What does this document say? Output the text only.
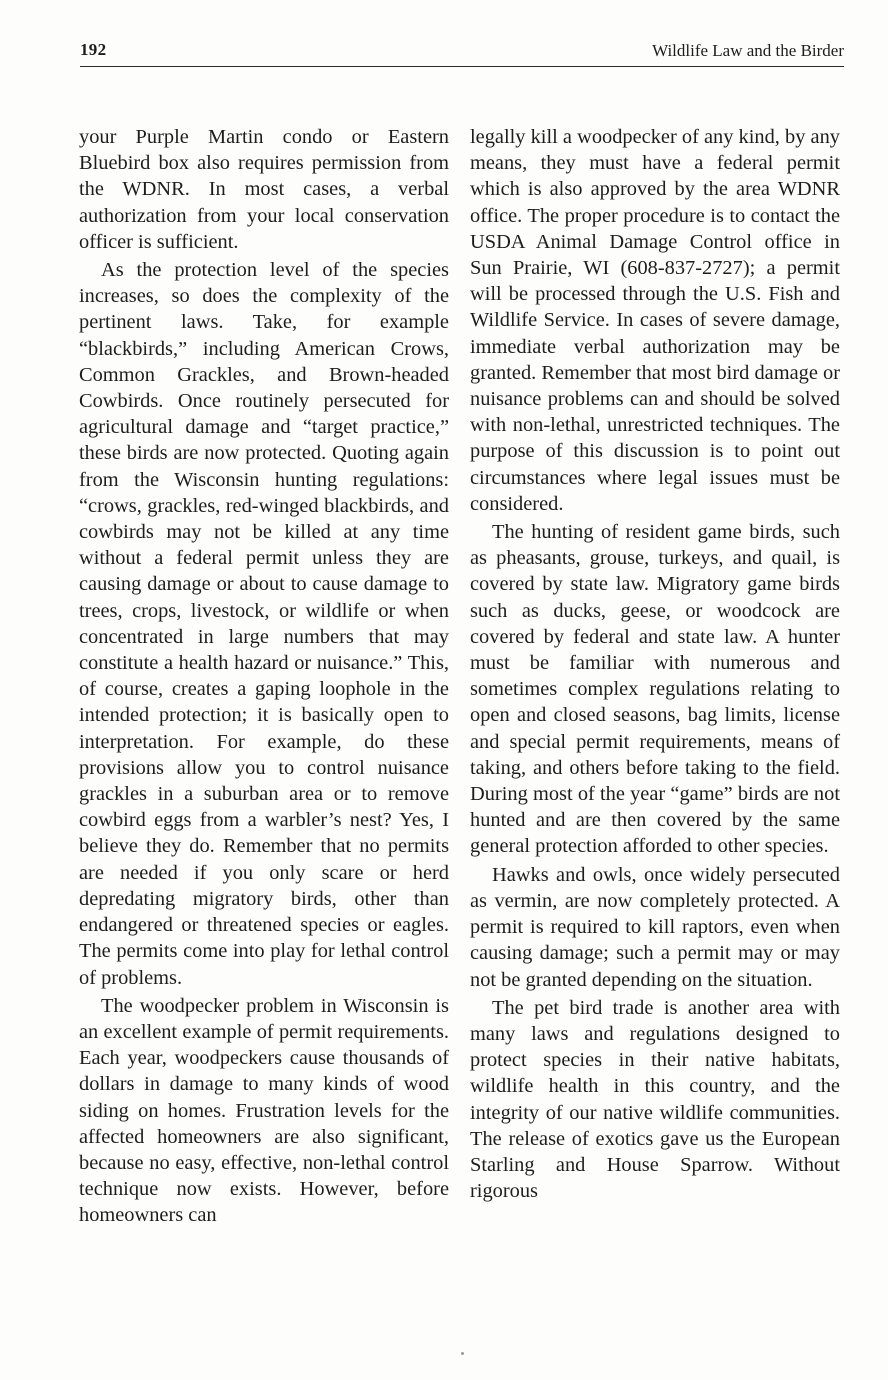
192	Wildlife Law and the Birder

your Purple Martin condo or Eastern Bluebird box also requires permission from the WDNR. In most cases, a verbal authorization from your local conservation officer is sufficient.

As the protection level of the species increases, so does the complexity of the pertinent laws. Take, for example “blackbirds,” including American Crows, Common Grackles, and Brown-headed Cowbirds. Once routinely persecuted for agricultural damage and “target practice,” these birds are now protected. Quoting again from the Wisconsin hunting regulations: “crows, grackles, red-winged blackbirds, and cowbirds may not be killed at any time without a federal permit unless they are causing damage or about to cause damage to trees, crops, livestock, or wildlife or when concentrated in large numbers that may constitute a health hazard or nuisance.” This, of course, creates a gaping loophole in the intended protection; it is basically open to interpretation. For example, do these provisions allow you to control nuisance grackles in a suburban area or to remove cowbird eggs from a warbler’s nest? Yes, I believe they do. Remember that no permits are needed if you only scare or herd depredating migratory birds, other than endangered or threatened species or eagles. The permits come into play for lethal control of problems.

The woodpecker problem in Wisconsin is an excellent example of permit requirements. Each year, woodpeckers cause thousands of dollars in damage to many kinds of wood siding on homes. Frustration levels for the affected homeowners are also significant, because no easy, effective, non-lethal control technique now exists. However, before homeowners can

legally kill a woodpecker of any kind, by any means, they must have a federal permit which is also approved by the area WDNR office. The proper procedure is to contact the USDA Animal Damage Control office in Sun Prairie, WI (608-837-2727); a permit will be processed through the U.S. Fish and Wildlife Service. In cases of severe damage, immediate verbal authorization may be granted. Remember that most bird damage or nuisance problems can and should be solved with non-lethal, unrestricted techniques. The purpose of this discussion is to point out circumstances where legal issues must be considered.

The hunting of resident game birds, such as pheasants, grouse, turkeys, and quail, is covered by state law. Migratory game birds such as ducks, geese, or woodcock are covered by federal and state law. A hunter must be familiar with numerous and sometimes complex regulations relating to open and closed seasons, bag limits, license and special permit requirements, means of taking, and others before taking to the field. During most of the year “game” birds are not hunted and are then covered by the same general protection afforded to other species.

Hawks and owls, once widely persecuted as vermin, are now completely protected. A permit is required to kill raptors, even when causing damage; such a permit may or may not be granted depending on the situation.

The pet bird trade is another area with many laws and regulations designed to protect species in their native habitats, wildlife health in this country, and the integrity of our native wildlife communities. The release of exotics gave us the European Starling and House Sparrow. Without rigorous
